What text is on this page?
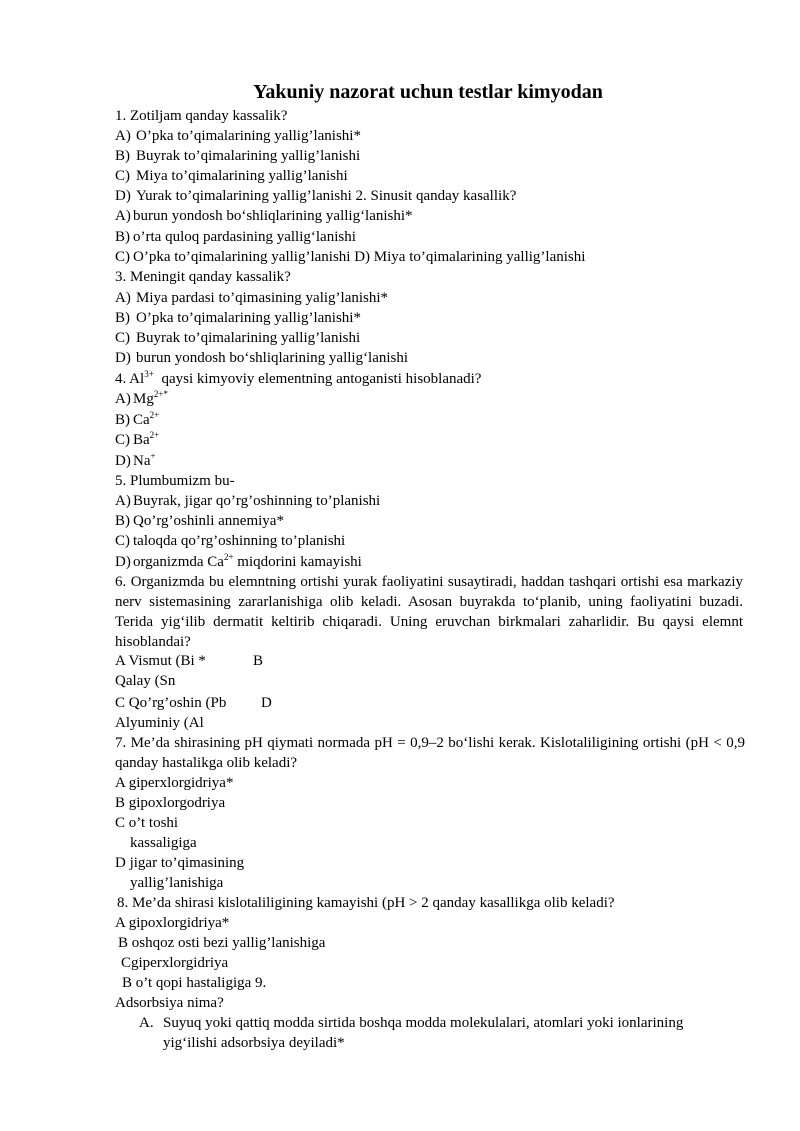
Yakuniy nazorat uchun testlar kimyodan
1. Zotiljam qanday kassalik?
A) O’pka to’qimalarining yallig’lanishi*
B) Buyrak to’qimalarining yallig’lanishi
C) Miya to’qimalarining yallig’lanishi
D) Yurak to’qimalarining yallig’lanishi 2. Sinusit qanday kasallik?
A) burun yondosh bo‘shliqlarining yallig‘lanishi*
B) o’rta quloq pardasining yallig‘lanishi
C) O’pka to’qimalarining yallig’lanishi D) Miya to’qimalarining yallig’lanishi
3. Meningit qanday kassalik?
A) Miya pardasi to’qimasining yalig’lanishi*
B) O’pka to’qimalarining yallig’lanishi*
C) Buyrak to’qimalarining yallig’lanishi
D) burun yondosh bo‘shliqlarining yallig‘lanishi
4. $Al^{3+}$ qaysi kimyoviy elementning antoganisti hisoblanadi?
A) $Mg^{2+*}$
B) $Ca^{2+}$
C) $Ba^{2+}$
D) Na+
5. Plumbumizm bu-
A) Buyrak, jigar qo’rg’oshinning to’planishi
B) Qo’rg’oshinli annemiya*
C) taloqda qo’rg’oshinning to’planishi
D) organizmda $Ca^{2+}$ miqdorini kamayishi
6. Organizmda bu elemntning ortishi yurak faoliyatini susaytiradi, haddan tashqari ortishi esa markaziy nerv sistemasining zararlanishiga olib keladi. Asosan buyrakda to‘planib, uning faoliyatini buzadi. Terida yig‘ilib dermatit keltirib chiqaradi. Uning eruvchan birkmalari zaharlidir. Bu qaysi elemnt hisoblandai?
A Vismut (Bi *	B
Qalay (Sn
C Qo’rg’oshin (Pb D
Alyuminiy (Al
7. Me’da shirasining pH qiymati normada pH = 0,9–2 bo‘lishi kerak. Kislotaliligining ortishi (pH < 0,9 qanday hastalikga olib keladi?
A giperxlorgidriya*
B gipoxlorgodriya
C o’t toshi
kassaligiga
D jigar to’qimasining
yallig’lanishiga
8. Me’da shirasi kislotaliligining kamayishi (pH > 2 qanday kasallikga olib keladi?
A gipoxlorgidriya*
B oshqoz osti bezi yallig’lanishiga
Cgiperxlorgidriya
B o’t qopi hastaligiga 9.
Adsorbsiya nima?
A. Suyuq yoki qattiq modda sirtida boshqa modda molekulalari, atomlari yoki ionlarining
yig‘ilishi adsorbsiya deyiladi*
